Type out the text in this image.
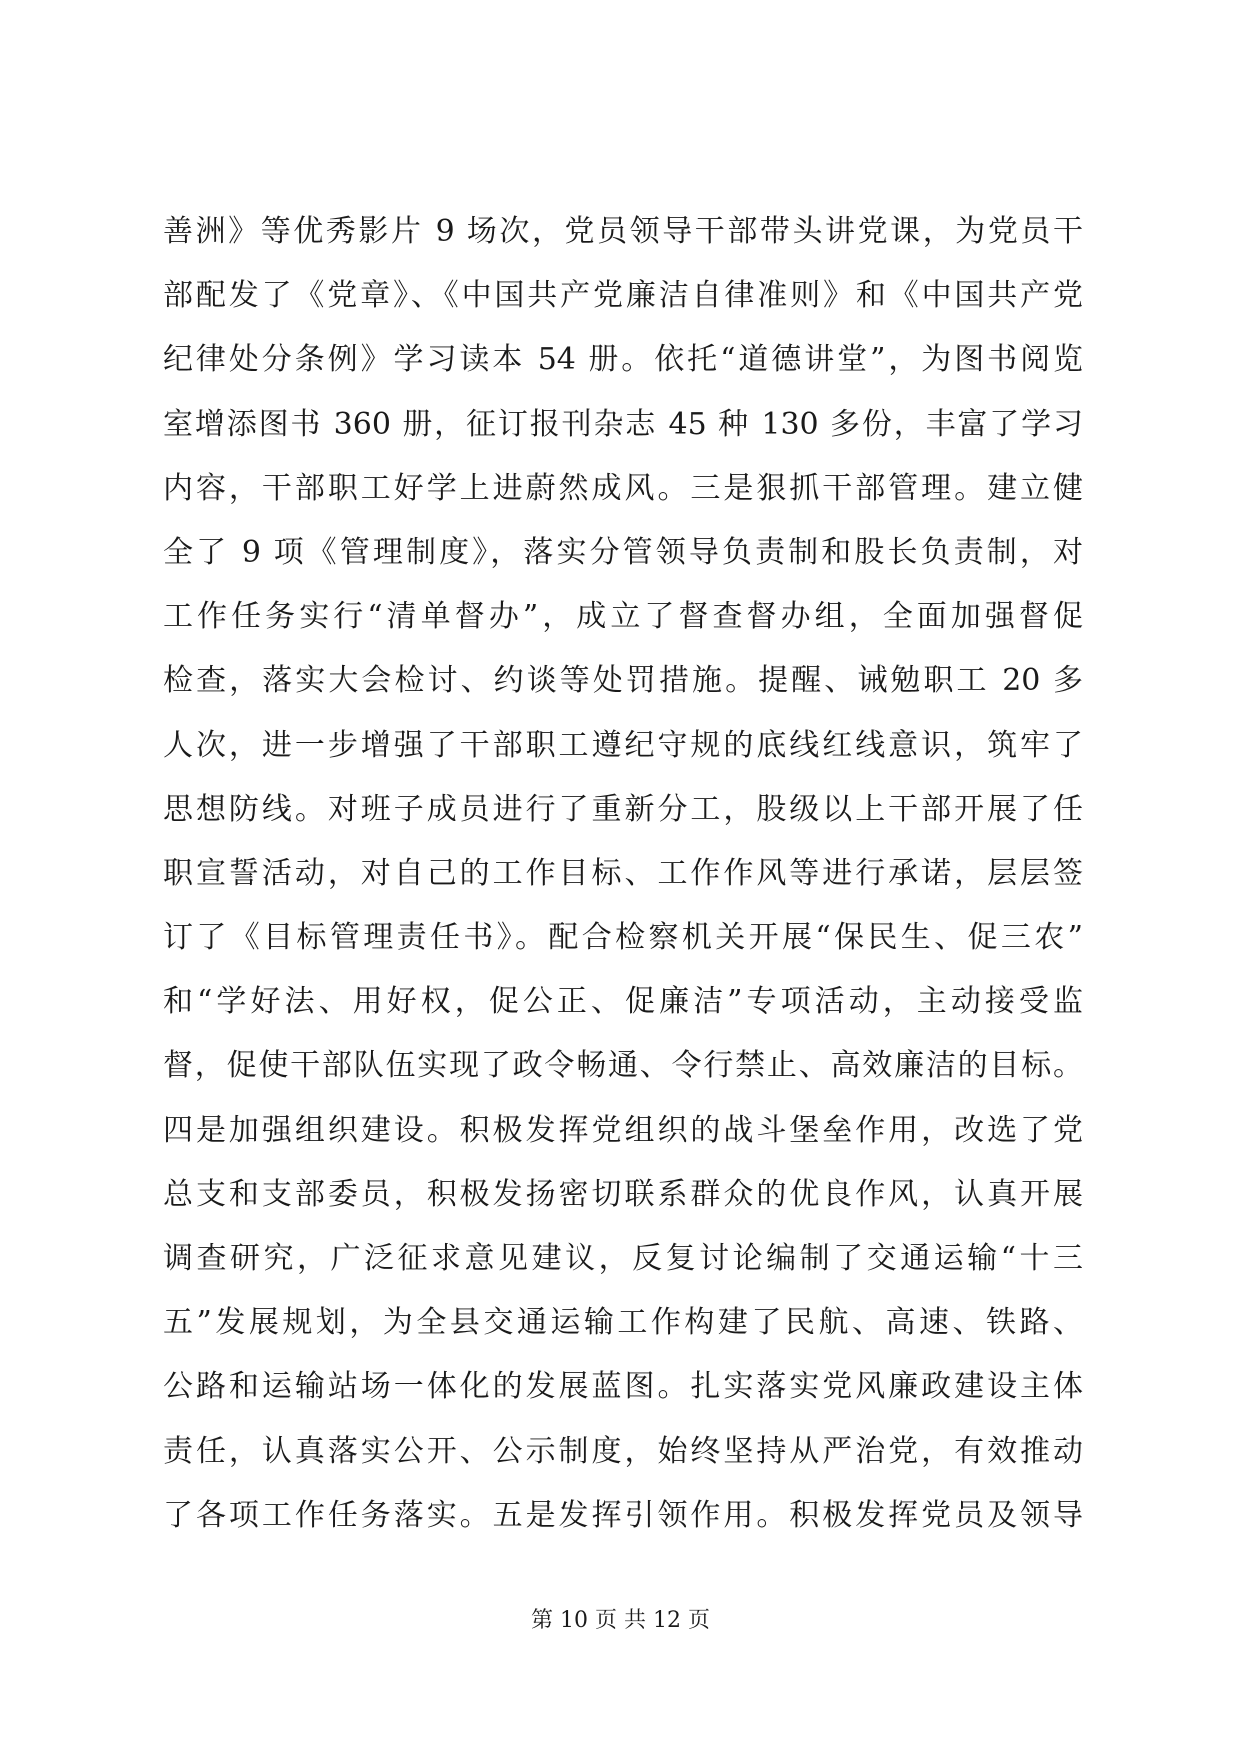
善洲》等优秀影片 9 场次，党员领导干部带头讲党课，为党员干
部配发了《党章》、《中国共产党廉洁自律准则》和《中国共产党
纪律处分条例》学习读本 54 册。依托“道德讲堂”，为图书阅览
室增添图书 360 册，征订报刊杂志 45 种 130 多份，丰富了学习
内容，干部职工好学上进蔚然成风。三是狠抓干部管理。建立健
全了 9 项《管理制度》，落实分管领导负责制和股长负责制，对
工作任务实行“清单督办”，成立了督查督办组，全面加强督促
检查，落实大会检讨、约谈等处罚措施。提醒、诫勉职工 20 多
人次，进一步增强了干部职工遵纪守规的底线红线意识，筑牢了
思想防线。对班子成员进行了重新分工，股级以上干部开展了任
职宣誓活动，对自己的工作目标、工作作风等进行承诺，层层签
订了《目标管理责任书》。配合检察机关开展“保民生、促三农”
和“学好法、用好权，促公正、促廉洁”专项活动，主动接受监
督，促使干部队伍实现了政令畅通、令行禁止、高效廉洁的目标。
四是加强组织建设。积极发挥党组织的战斗堡垒作用，改选了党
总支和支部委员，积极发扬密切联系群众的优良作风，认真开展
调查研究，广泛征求意见建议，反复讨论编制了交通运输“十三
五”发展规划，为全县交通运输工作构建了民航、高速、铁路、
公路和运输站场一体化的发展蓝图。扎实落实党风廉政建设主体
责任，认真落实公开、公示制度，始终坚持从严治党，有效推动
了各项工作任务落实。五是发挥引领作用。积极发挥党员及领导
第 10 页 共 12 页
